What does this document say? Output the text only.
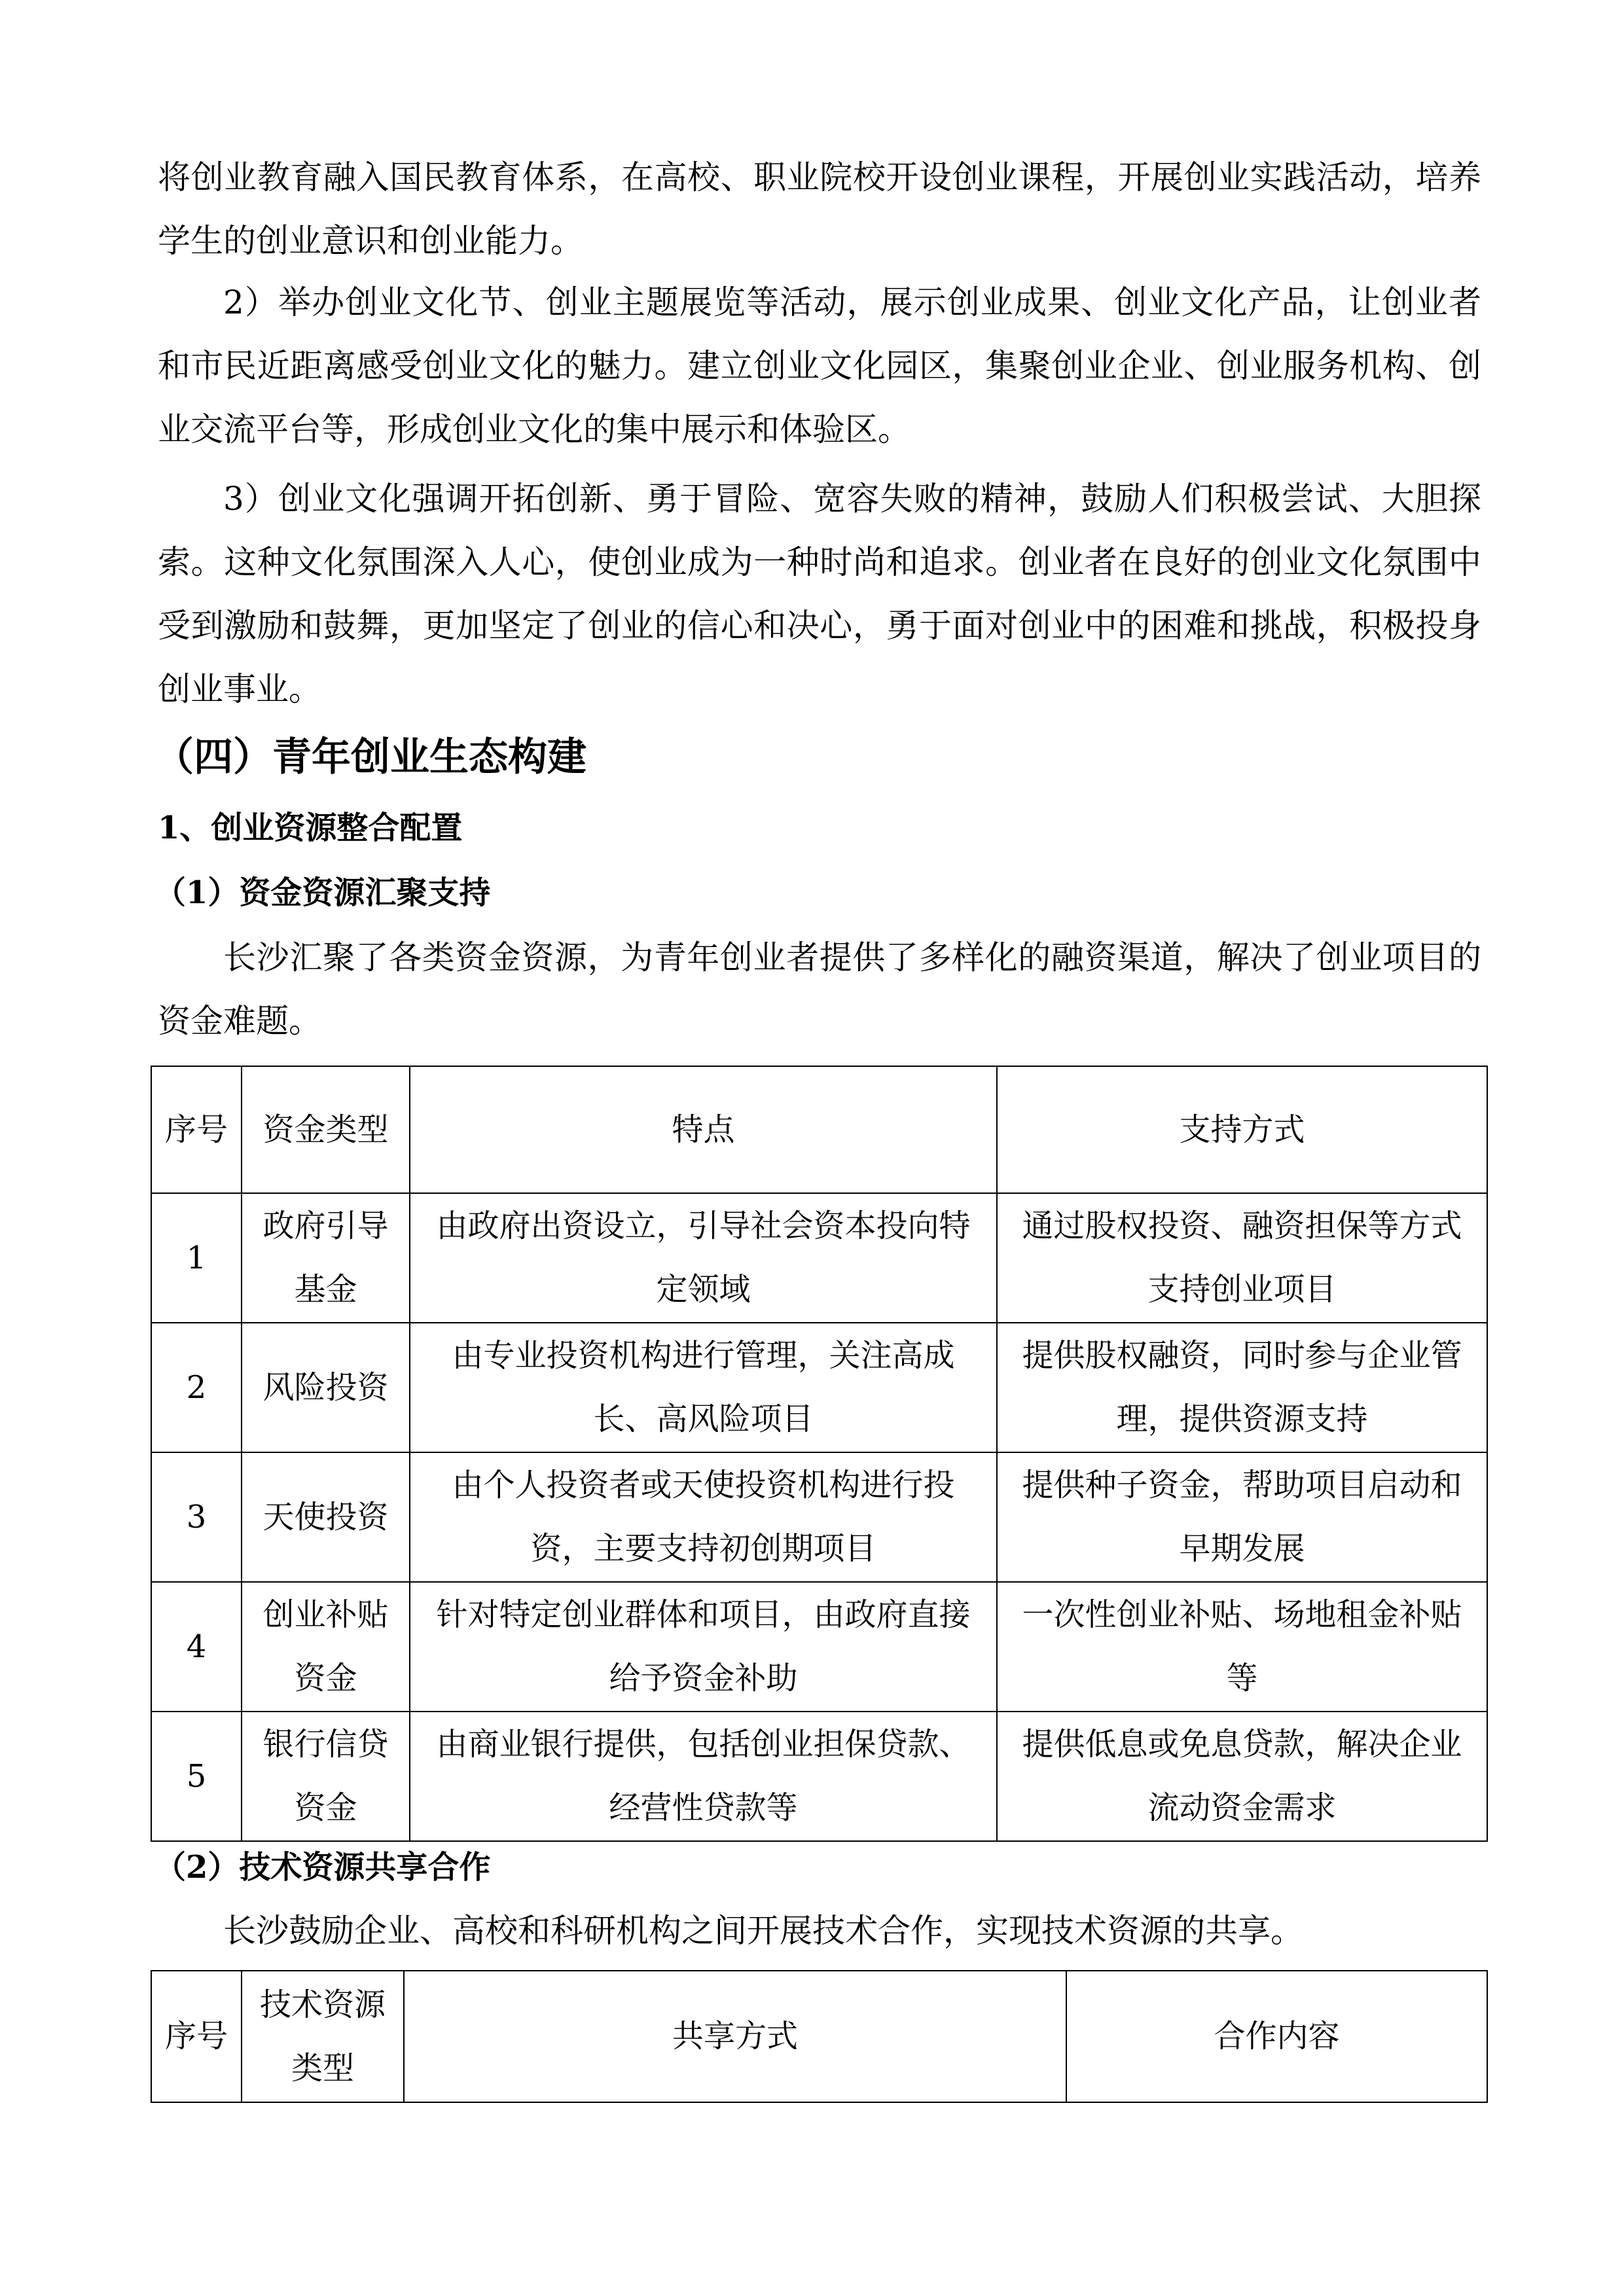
将创业教育融入国民教育体系，在高校、职业院校开设创业课程，开展创业实践活动，培养学生的创业意识和创业能力。

2）举办创业文化节、创业主题展览等活动，展示创业成果、创业文化产品，让创业者和市民近距离感受创业文化的魅力。建立创业文化园区，集聚创业企业、创业服务机构、创业交流平台等，形成创业文化的集中展示和体验区。

3）创业文化强调开拓创新、勇于冒险、宽容失败的精神，鼓励人们积极尝试、大胆探索。这种文化氛围深入人心，使创业成为一种时尚和追求。创业者在良好的创业文化氛围中受到激励和鼓舞，更加坚定了创业的信心和决心，勇于面对创业中的困难和挑战，积极投身创业事业。

（四）青年创业生态构建
1、创业资源整合配置
（1）资金资源汇聚支持

长沙汇聚了各类资金资源，为青年创业者提供了多样化的融资渠道，解决了创业项目的资金难题。

序号	资金类型	特点	支持方式
1	政府引导基金	由政府出资设立，引导社会资本投向特定领域	通过股权投资、融资担保等方式支持创业项目
2	风险投资	由专业投资机构进行管理，关注高成长、高风险项目	提供股权融资，同时参与企业管理，提供资源支持
3	天使投资	由个人投资者或天使投资机构进行投资，主要支持初创期项目	提供种子资金，帮助项目启动和早期发展
4	创业补贴资金	针对特定创业群体和项目，由政府直接给予资金补助	一次性创业补贴、场地租金补贴等
5	银行信贷资金	由商业银行提供，包括创业担保贷款、经营性贷款等	提供低息或免息贷款，解决企业流动资金需求
（2）技术资源共享合作

长沙鼓励企业、高校和科研机构之间开展技术合作，实现技术资源的共享。

序号	技术资源类型	共享方式	合作内容
